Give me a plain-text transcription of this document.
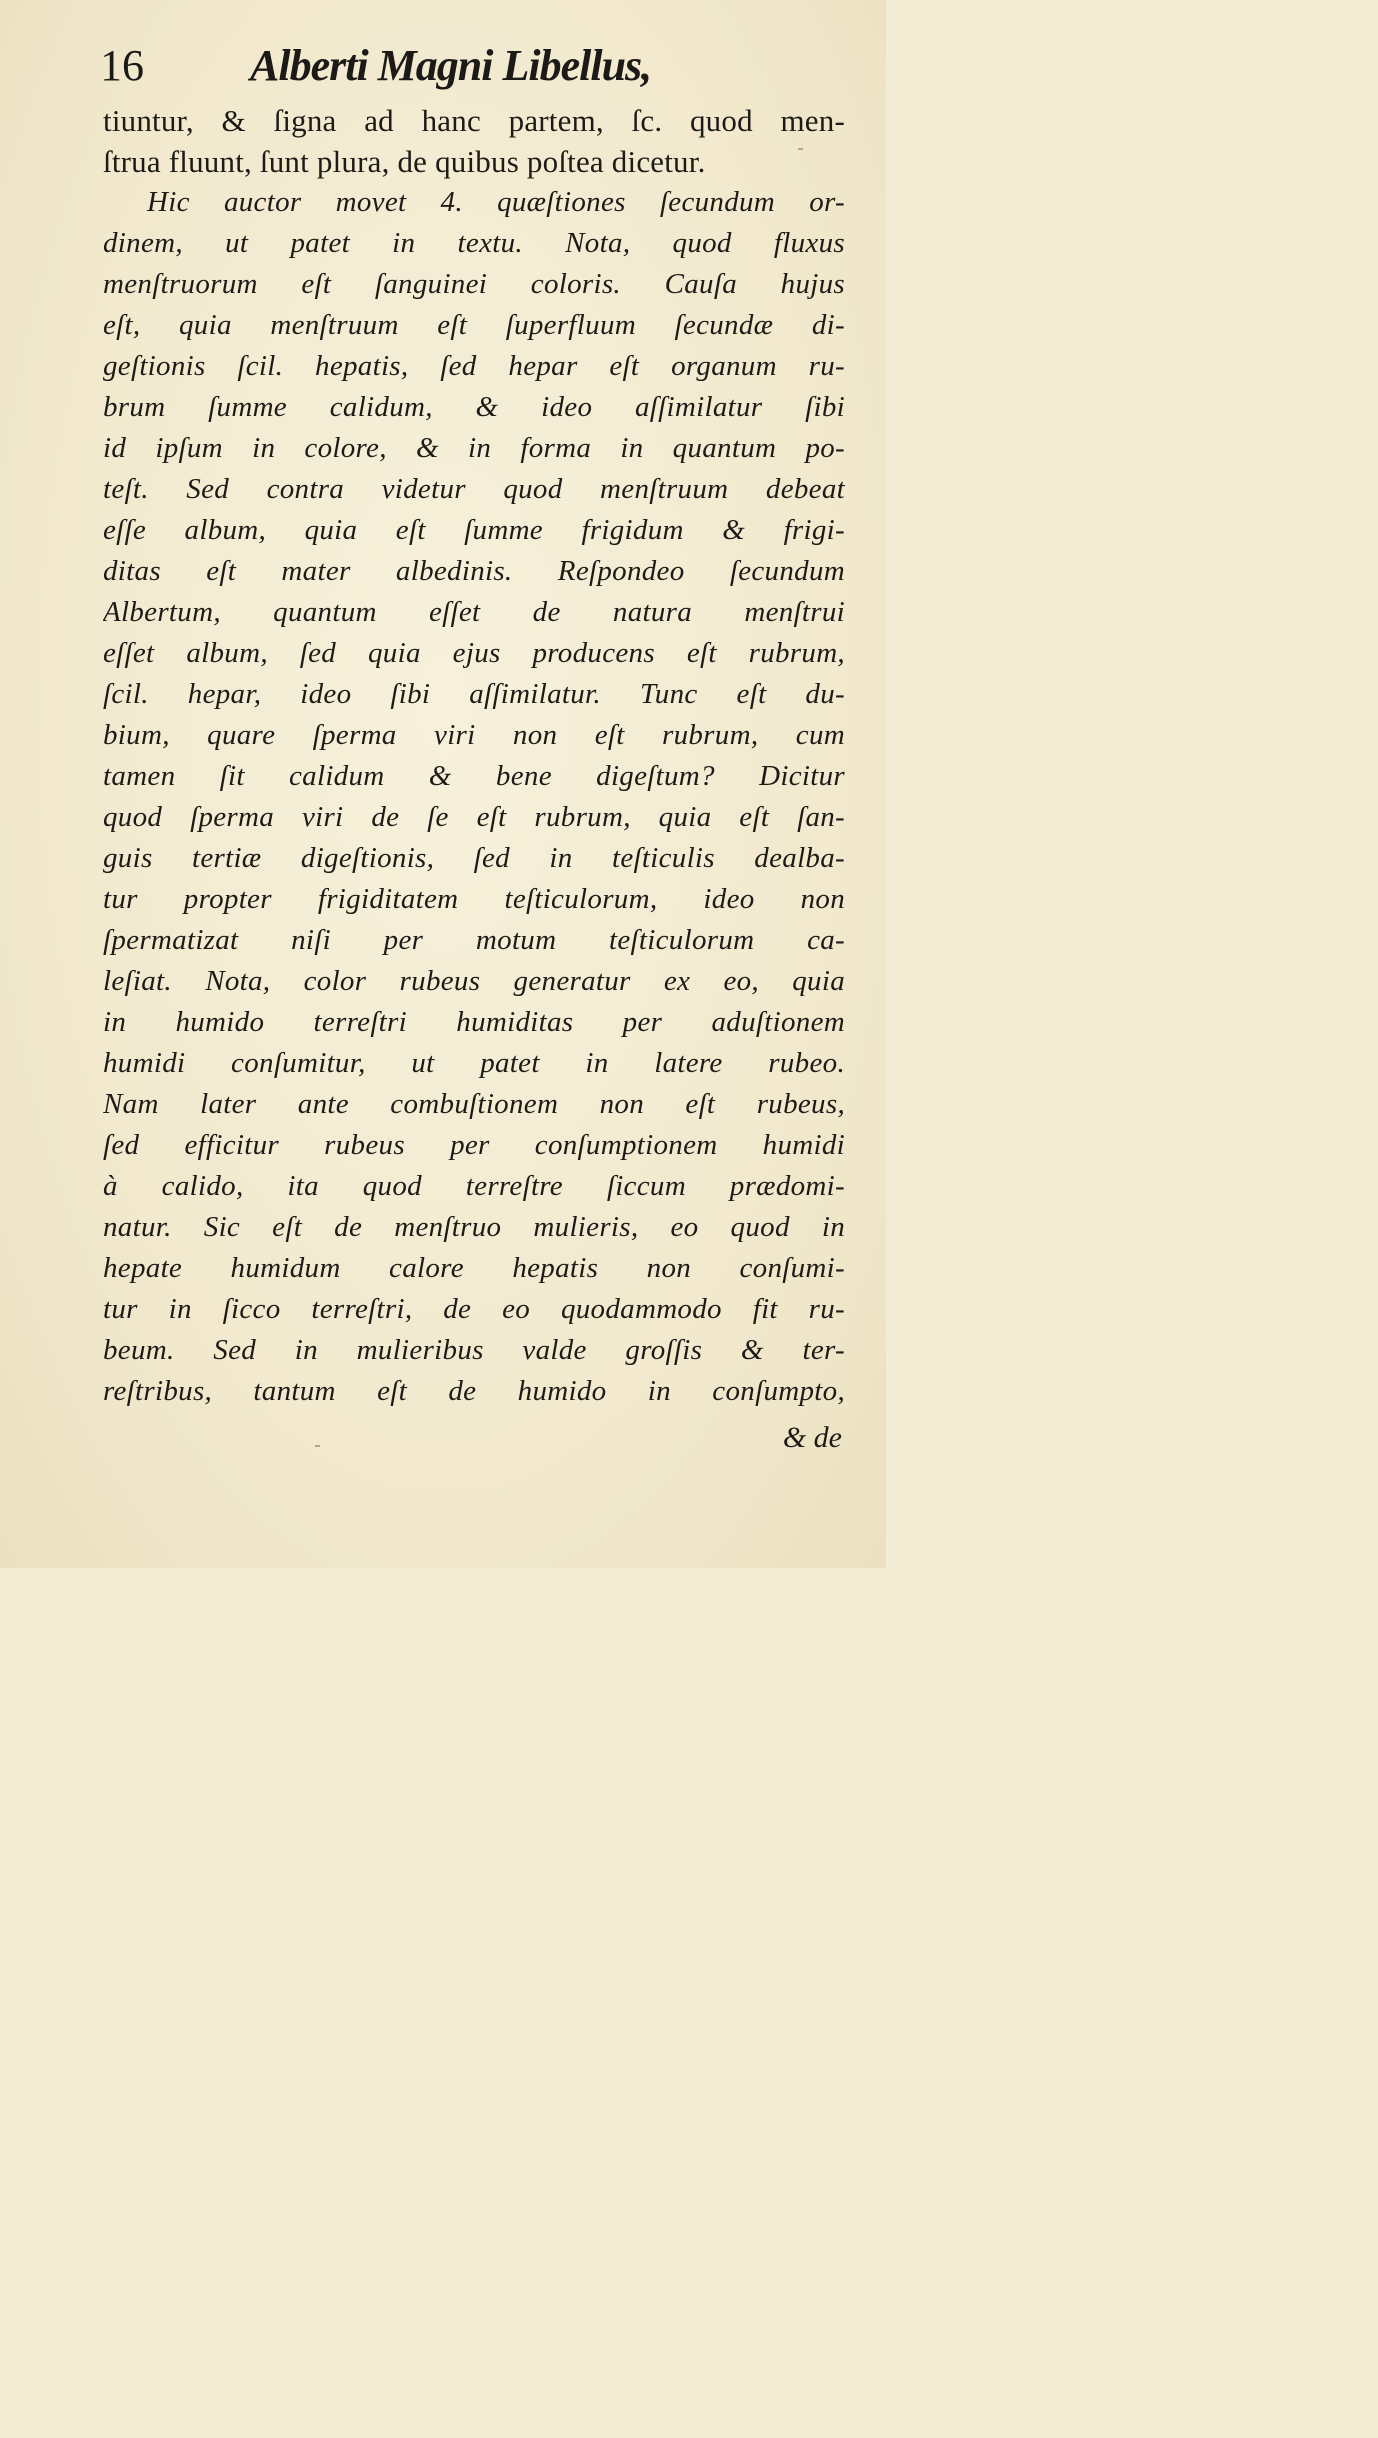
16 Alberti Magni Libellus,
tiuntur, & ſigna ad hanc partem, ſc. quod men-
ſtrua fluunt, ſunt plura, de quibus poſtea dicetur.
Hic auctor movet 4. quæſtiones ſecundum or-
dinem, ut patet in textu. Nota, quod fluxus
menſtruorum eſt ſanguinei coloris. Cauſa hujus
eſt, quia menſtruum eſt ſuperfluum ſecundæ di-
geſtionis ſcil. hepatis, ſed hepar eſt organum ru-
brum ſumme calidum, & ideo aſſimilatur ſibi
id ipſum in colore, & in forma in quantum po-
teſt. Sed contra videtur quod menſtruum debeat
eſſe album, quia eſt ſumme frigidum & frigi-
ditas eſt mater albedinis. Reſpondeo ſecundum
Albertum, quantum eſſet de natura menſtrui
eſſet album, ſed quia ejus producens eſt rubrum,
ſcil. hepar, ideo ſibi aſſimilatur. Tunc eſt du-
bium, quare ſperma viri non eſt rubrum, cum
tamen ſit calidum & bene digeſtum? Dicitur
quod ſperma viri de ſe eſt rubrum, quia eſt ſan-
guis tertiæ digeſtionis, ſed in teſticulis dealba-
tur propter frigiditatem teſticulorum, ideo non
ſpermatizat niſi per motum teſticulorum ca-
leſiat. Nota, color rubeus generatur ex eo, quia
in humido terreſtri humiditas per aduſtionem
humidi conſumitur, ut patet in latere rubeo.
Nam later ante combuſtionem non eſt rubeus,
ſed efficitur rubeus per conſumptionem humidi
à calido, ita quod terreſtre ſiccum prædomi-
natur. Sic eſt de menſtruo mulieris, eo quod in
hepate humidum calore hepatis non conſumi-
tur in ſicco terreſtri, de eo quodammodo fit ru-
beum. Sed in mulieribus valde groſſis & ter-
reſtribus, tantum eſt de humido in conſumpto,
& de
